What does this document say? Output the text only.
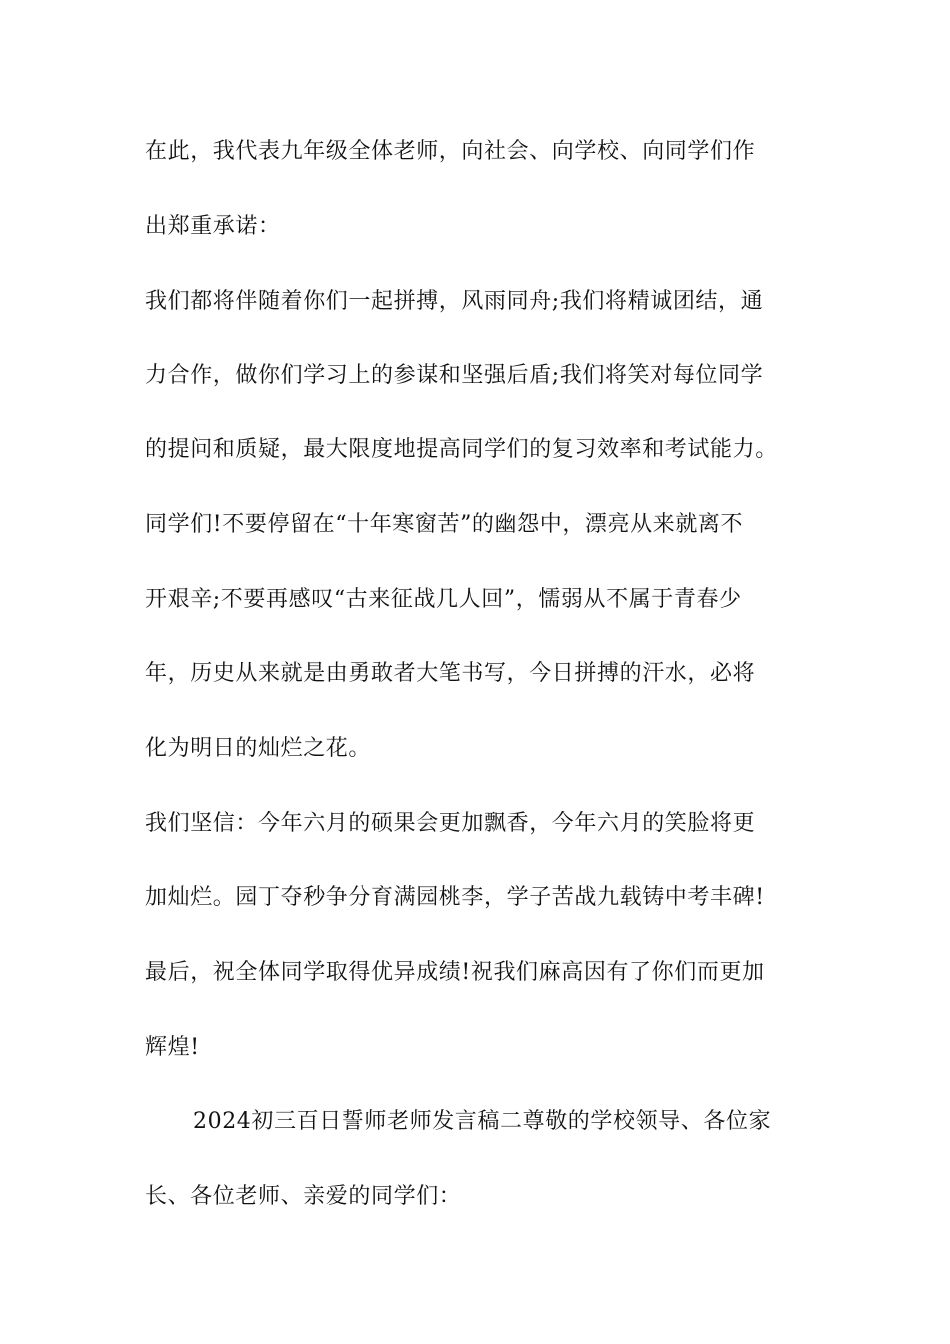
在此，我代表九年级全体老师，向社会、向学校、向同学们作
出郑重承诺：
我们都将伴随着你们一起拼搏，风雨同舟;我们将精诚团结，通
力合作，做你们学习上的参谋和坚强后盾;我们将笑对每位同学
的提问和质疑，最大限度地提高同学们的复习效率和考试能力。
同学们!不要停留在“十年寒窗苦”的幽怨中，漂亮从来就离不
开艰辛;不要再感叹“古来征战几人回”，懦弱从不属于青春少
年，历史从来就是由勇敢者大笔书写，今日拼搏的汗水，必将
化为明日的灿烂之花。
我们坚信：今年六月的硕果会更加飘香，今年六月的笑脸将更
加灿烂。园丁夺秒争分育满园桃李，学子苦战九载铸中考丰碑!
最后，祝全体同学取得优异成绩!祝我们麻高因有了你们而更加
辉煌!
2024初三百日誓师老师发言稿二尊敬的学校领导、各位家
长、各位老师、亲爱的同学们：
